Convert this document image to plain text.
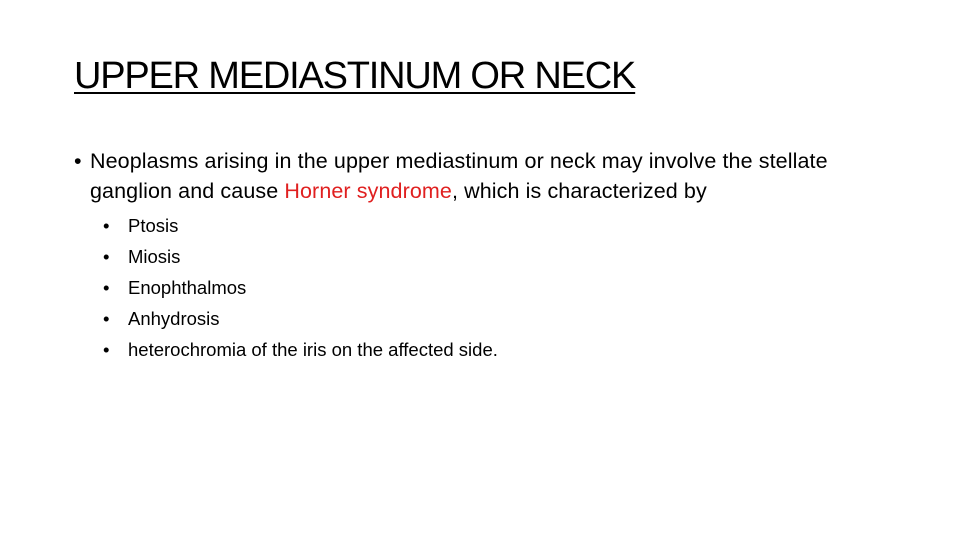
UPPER MEDIASTINUM OR NECK
• Neoplasms arising in the upper mediastinum or neck may involve the stellate ganglion and cause Horner syndrome, which is characterized by
• Ptosis
• Miosis
• Enophthalmos
• Anhydrosis
• heterochromia of the iris on the affected side.
